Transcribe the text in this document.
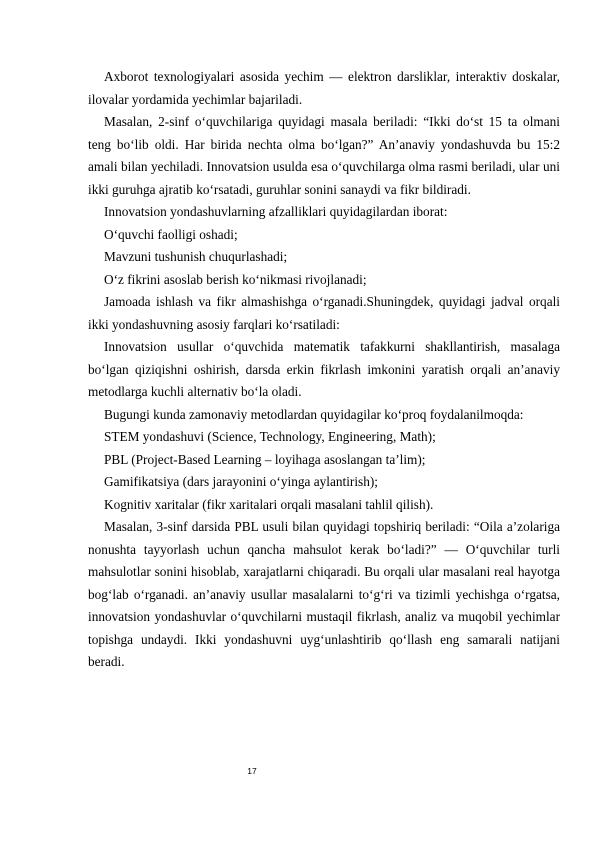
Axborot texnologiyalari asosida yechim — elektron darsliklar, interaktiv doskalar, ilovalar yordamida yechimlar bajariladi.

Masalan, 2-sinf o‘quvchilariga quyidagi masala beriladi: “Ikki do‘st 15 ta olmani teng bo‘lib oldi. Har birida nechta olma bo‘lgan?” An’anaviy yondashuvda bu 15:2 amali bilan yechiladi. Innovatsion usulda esa o‘quvchilarga olma rasmi beriladi, ular uni ikki guruhga ajratib ko‘rsatadi, guruhlar sonini sanaydi va fikr bildiradi.

Innovatsion yondashuvlarning afzalliklari quyidagilardan iborat:

O‘quvchi faolligi oshadi;

Mavzuni tushunish chuqurlashadi;

O‘z fikrini asoslab berish ko‘nikmasi rivojlanadi;

Jamoada ishlash va fikr almashishga o‘rganadi.Shuningdek, quyidagi jadval orqali ikki yondashuvning asosiy farqlari ko‘rsatiladi:

Innovatsion usullar o‘quvchida matematik tafakkurni shakllantirish, masalaga bo‘lgan qiziqishni oshirish, darsda erkin fikrlash imkonini yaratish orqali an’anaviy metodlarga kuchli alternativ bo‘la oladi.

Bugungi kunda zamonaviy metodlardan quyidagilar ko‘proq foydalanilmoqda:

STEM yondashuvi (Science, Technology, Engineering, Math);

PBL (Project-Based Learning – loyihaga asoslangan ta’lim);

Gamifikatsiya (dars jarayonini o‘yinga aylantirish);

Kognitiv xaritalar (fikr xaritalari orqali masalani tahlil qilish).

Masalan, 3-sinf darsida PBL usuli bilan quyidagi topshiriq beriladi: “Oila a’zolariga nonushta tayyorlash uchun qancha mahsulot kerak bo‘ladi?” — O‘quvchilar turli mahsulotlar sonini hisoblab, xarajatlarni chiqaradi. Bu orqali ular masalani real hayotga bog‘lab o‘rganadi. an’anaviy usullar masalalarni to‘g‘ri va tizimli yechishga o‘rgatsa, innovatsion yondashuvlar o‘quvchilarni mustaqil fikrlash, analiz va muqobil yechimlar topishga undaydi. Ikki yondashuvni uyg‘unlashtirib qo‘llash eng samarali natijani beradi.

17
